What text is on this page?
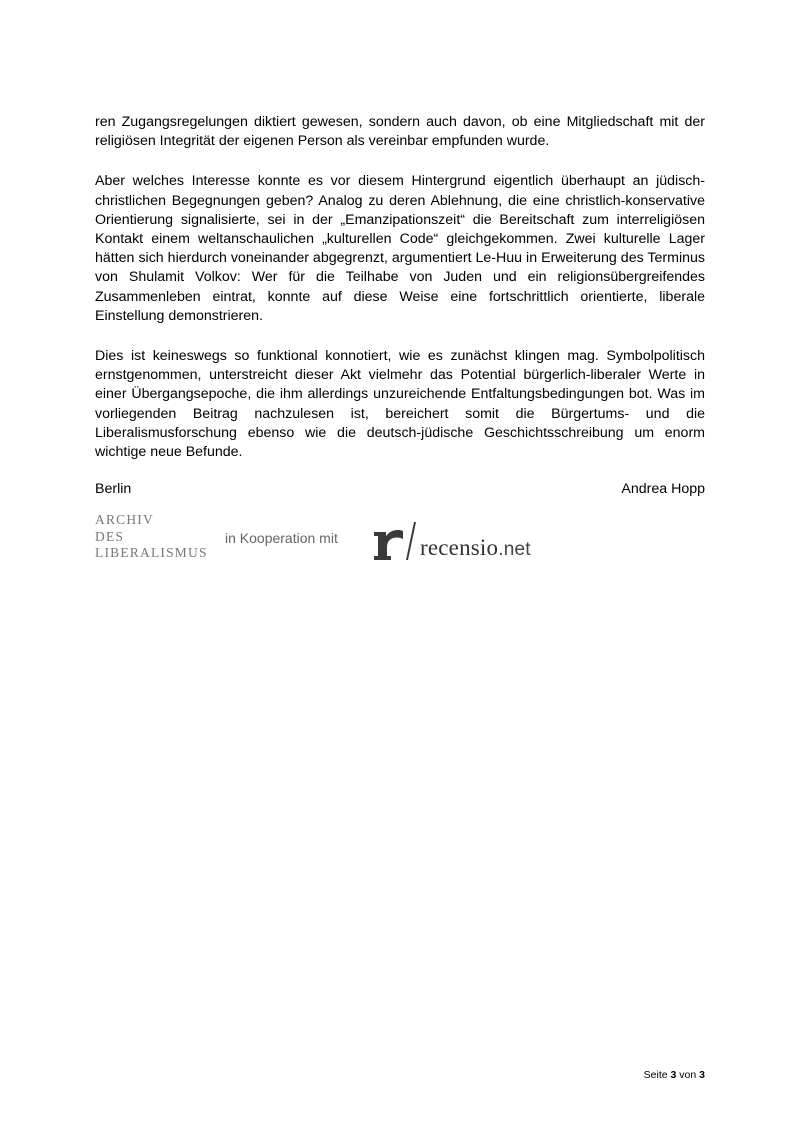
ren Zugangsregelungen diktiert gewesen, sondern auch davon, ob eine Mitgliedschaft mit der religiösen Integrität der eigenen Person als vereinbar empfunden wurde.

Aber welches Interesse konnte es vor diesem Hintergrund eigentlich überhaupt an jüdisch-christlichen Begegnungen geben? Analog zu deren Ablehnung, die eine christlich-konservative Orientierung signalisierte, sei in der „Emanzipationszeit“ die Bereitschaft zum interreligiösen Kontakt einem weltanschaulichen „kulturellen Code“ gleichgekommen. Zwei kulturelle Lager hätten sich hierdurch voneinander abgegrenzt, argumentiert Le-Huu in Erweiterung des Terminus von Shulamit Volkov: Wer für die Teilhabe von Juden und ein religionsübergreifendes Zusammenleben eintrat, konnte auf diese Weise eine fortschrittlich orientierte, liberale Einstellung demonstrieren.

Dies ist keineswegs so funktional konnotiert, wie es zunächst klingen mag. Symbolpolitisch ernstgenommen, unterstreicht dieser Akt vielmehr das Potential bürgerlich-liberaler Werte in einer Übergangsepoche, die ihm allerdings unzureichende Entfaltungsbedingungen bot. Was im vorliegenden Beitrag nachzulesen ist, bereichert somit die Bürgertums- und die Liberalismusforschung ebenso wie die deutsch-jüdische Geschichtsschreibung um enorm wichtige neue Befunde.

Berlin	Andrea Hopp
ARCHIV
DES
LIBERALISMUS
in Kooperation mit	recensio.net
Seite 3 von 3
